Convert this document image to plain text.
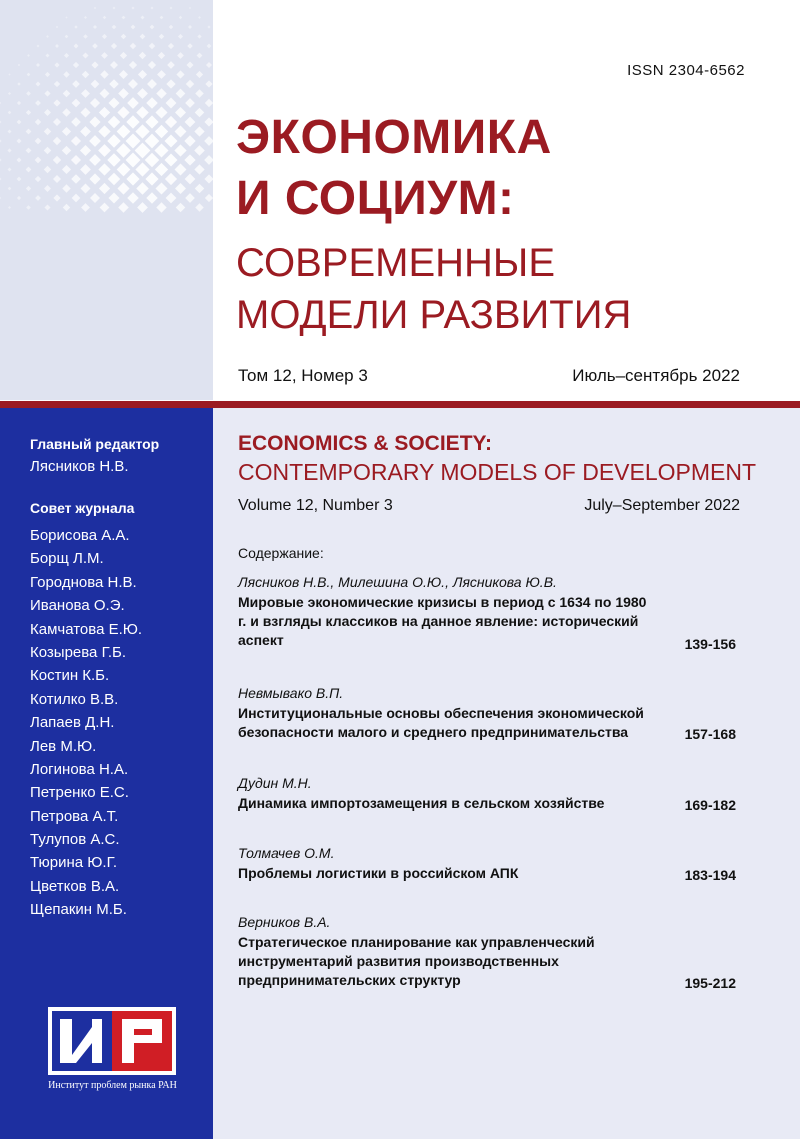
ISSN 2304-6562
ЭКОНОМИКА
И СОЦИУМ:
СОВРЕМЕННЫЕ
МОДЕЛИ РАЗВИТИЯ
Том 12, Номер 3	Июль–сентябрь 2022
ECONOMICS & SOCIETY:
CONTEMPORARY MODELS OF DEVELOPMENT
Volume 12, Number 3	July–September 2022
Главный редактор
Лясников Н.В.
Совет журнала
Борисова А.А.
Борщ Л.М.
Городнова Н.В.
Иванова О.Э.
Камчатова Е.Ю.
Козырева Г.Б.
Костин К.Б.
Котилко В.В.
Лапаев Д.Н.
Лев М.Ю.
Логинова Н.А.
Петренко Е.С.
Петрова А.Т.
Тулупов А.С.
Тюрина Ю.Г.
Цветков В.А.
Щепакин М.Б.
Институт проблем рынка РАН
Содержание:
Лясников Н.В., Милешина О.Ю., Лясникова Ю.В.
Мировые экономические кризисы в период с 1634 по 1980 г. и взгляды классиков на данное явление: исторический аспект	139-156
Невмывако В.П.
Институциональные основы обеспечения экономической безопасности малого и среднего предпринимательства	157-168
Дудин М.Н.
Динамика импортозамещения в сельском хозяйстве	169-182
Толмачев О.М.
Проблемы логистики в российском АПК	183-194
Верников В.А.
Стратегическое планирование как управленческий инструментарий развития производственных предпринимательских структур	195-212
